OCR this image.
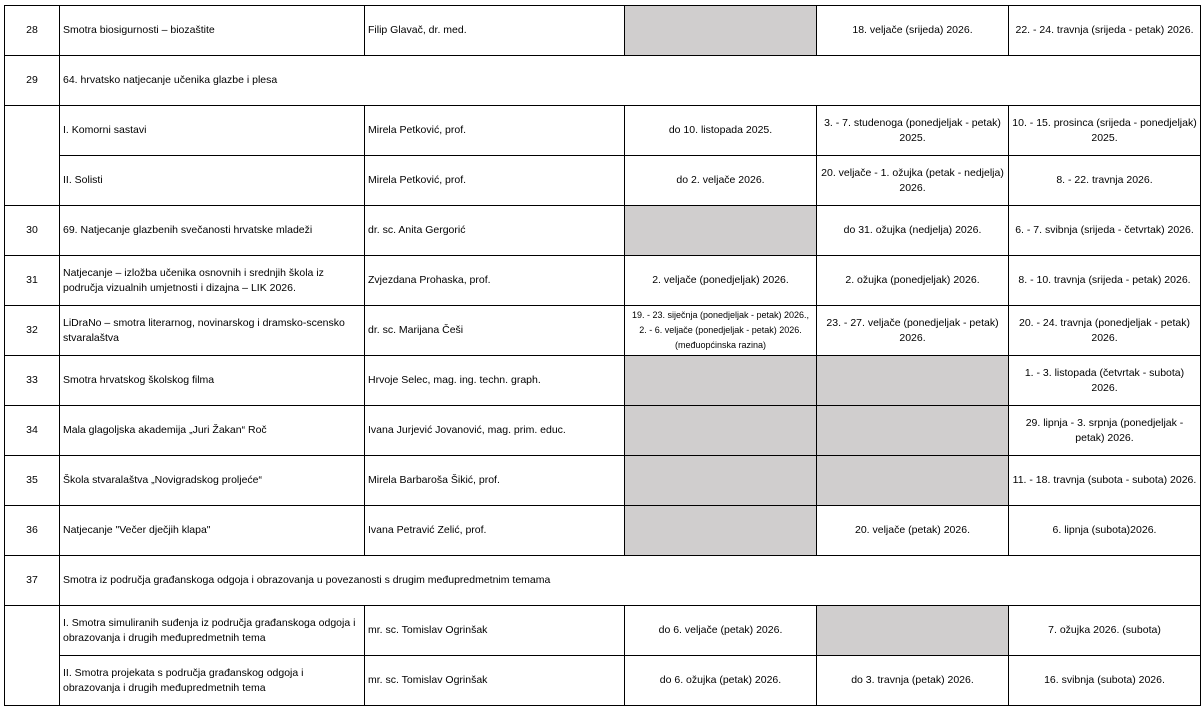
28	Smotra biosigurnosti – biozaštite	Filip Glavač, dr. med.		18. veljače (srijeda) 2026.	22. - 24. travnja (srijeda - petak) 2026.
29	64. hrvatsko natjecanje učenika glazbe i plesa				
	I. Komorni sastavi	Mirela Petković, prof.	do 10. listopada 2025.	3. - 7. studenoga (ponedjeljak - petak) 2025.	10. - 15. prosinca (srijeda - ponedjeljak) 2025.
	II. Solisti	Mirela Petković, prof.	do 2. veljače 2026.	20. veljače - 1. ožujka (petak - nedjelja) 2026.	8. - 22. travnja 2026.
30	69. Natjecanje glazbenih svečanosti hrvatske mladeži	dr. sc. Anita Gergorić		do 31. ožujka (nedjelja) 2026.	6. - 7. svibnja (srijeda - četvrtak) 2026.
31	Natjecanje – izložba učenika osnovnih i srednjih škola iz područja vizualnih umjetnosti i dizajna – LIK 2026.	Zvjezdana Prohaska, prof.	2. veljače (ponedjeljak) 2026.	2. ožujka (ponedjeljak) 2026.	8. - 10. travnja (srijeda - petak) 2026.
32	LiDraNo – smotra literarnog, novinarskog i dramsko-scensko stvaralaštva	dr. sc. Marijana Češi	19. - 23. siječnja (ponedjeljak - petak) 2026., 2. - 6. veljače (ponedjeljak - petak) 2026. (međuopćinska razina)	23. - 27. veljače (ponedjeljak - petak) 2026.	20. - 24. travnja (ponedjeljak - petak) 2026.
33	Smotra hrvatskog školskog filma	Hrvoje Selec, mag. ing. techn. graph.			1. - 3. listopada (četvrtak - subota) 2026.
34	Mala glagoljska akademija „Juri Žakan“ Roč	Ivana Jurjević Jovanović, mag. prim. educ.			29. lipnja - 3. srpnja (ponedjeljak - petak) 2026.
35	Škola stvaralaštva „Novigradskog proljeće“	Mirela Barbaroša Šikić, prof.			11. - 18. travnja (subota - subota) 2026.
36	Natjecanje "Večer dječjih klapa"	Ivana Petravić Zelić, prof.		20. veljače (petak) 2026.	6. lipnja (subota)2026.
37	Smotra iz područja građanskoga odgoja i obrazovanja u povezanosti s drugim međupredmetnim temama				
	I. Smotra simuliranih suđenja iz područja građanskoga odgoja i obrazovanja i drugih međupredmetnih tema	mr. sc. Tomislav Ogrinšak	do 6. veljače (petak) 2026.		7. ožujka 2026. (subota)
	II. Smotra projekata s područja građanskog odgoja i obrazovanja i drugih međupredmetnih tema	mr. sc. Tomislav Ogrinšak	do 6. ožujka (petak) 2026.	do 3. travnja (petak) 2026.	16. svibnja (subota) 2026.
